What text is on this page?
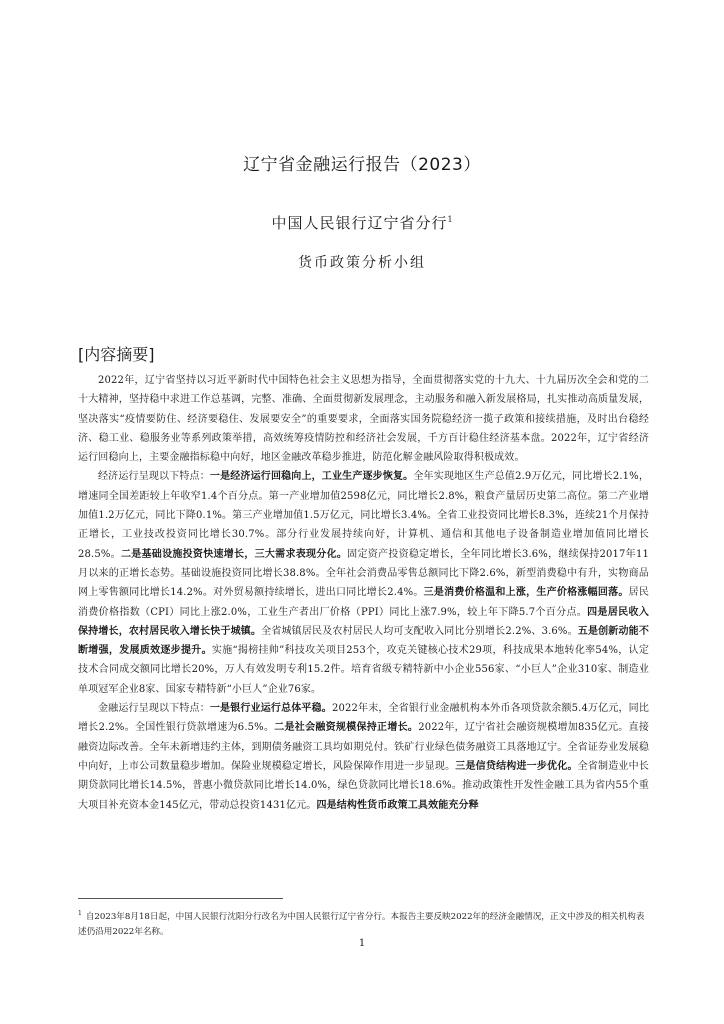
辽宁省金融运行报告（2023）
中国人民银行辽宁省分行$^1$
货币政策分析小组
[内容摘要]

2022年，辽宁省坚持以习近平新时代中国特色社会主义思想为指导，全面贯彻落实党的十九大、十九届历次全会和党的二十大精神，坚持稳中求进工作总基调，完整、准确、全面贯彻新发展理念，主动服务和融入新发展格局，扎实推动高质量发展，坚决落实“疫情要防住、经济要稳住、发展要安全”的重要要求，全面落实国务院稳经济一揽子政策和接续措施，及时出台稳经济、稳工业、稳服务业等系列政策举措，高效统筹疫情防控和经济社会发展，千方百计稳住经济基本盘。2022年，辽宁省经济运行回稳向上，主要金融指标稳中向好，地区金融改革稳步推进，防范化解金融风险取得积极成效。

经济运行呈现以下特点：一是经济运行回稳向上，工业生产逐步恢复。全年实现地区生产总值2.9万亿元，同比增长2.1%，增速同全国差距较上年收窄1.4个百分点。第一产业增加值2598亿元，同比增长2.8%，粮食产量居历史第二高位。第二产业增加值1.2万亿元，同比下降0.1%。第三产业增加值1.5万亿元，同比增长3.4%。全省工业投资同比增长8.3%，连续21个月保持正增长，工业技改投资同比增长30.7%。部分行业发展持续向好，计算机、通信和其他电子设备制造业增加值同比增长28.5%。二是基础设施投资快速增长，三大需求表现分化。固定资产投资稳定增长，全年同比增长3.6%，继续保持2017年11月以来的正增长态势。基础设施投资同比增长38.8%。全年社会消费品零售总额同比下降2.6%，新型消费稳中有升，实物商品网上零售额同比增长14.2%。对外贸易额持续增长，进出口同比增长2.4%。三是消费价格温和上涨，生产价格涨幅回落。居民消费价格指数（CPI）同比上涨2.0%，工业生产者出厂价格（PPI）同比上涨7.9%，较上年下降5.7个百分点。四是居民收入保持增长，农村居民收入增长快于城镇。全省城镇居民及农村居民人均可支配收入同比分别增长2.2%、3.6%。五是创新动能不断增强，发展质效逐步提升。实施“揭榜挂帅”科技攻关项目253个，攻克关键核心技术29项，科技成果本地转化率54%，认定技术合同成交额同比增长20%，万人有效发明专利15.2件。培育省级专精特新中小企业556家、“小巨人”企业310家、制造业单项冠军企业8家、国家专精特新“小巨人”企业76家。

金融运行呈现以下特点：一是银行业运行总体平稳。2022年末，全省银行业金融机构本外币各项贷款余额5.4万亿元，同比增长2.2%。全国性银行贷款增速为6.5%。二是社会融资规模保持正增长。2022年，辽宁省社会融资规模增加835亿元。直接融资边际改善。全年未新增违约主体，到期债务融资工具均如期兑付。铁矿行业绿色债务融资工具落地辽宁。全省证券业发展稳中向好，上市公司数量稳步增加。保险业规模稳定增长，风险保障作用进一步显现。三是信贷结构进一步优化。全省制造业中长期贷款同比增长14.5%，普惠小微贷款同比增长14.0%，绿色贷款同比增长18.6%。推动政策性开发性金融工具为省内55个重大项目补充资本金145亿元，带动总投资1431亿元。四是结构性货币政策工具效能充分释

$^1$ 自2023年8月18日起，中国人民银行沈阳分行改名为中国人民银行辽宁省分行。本报告主要反映2022年的经济金融情况，正文中涉及的相关机构表述仍沿用2022年名称。
1
